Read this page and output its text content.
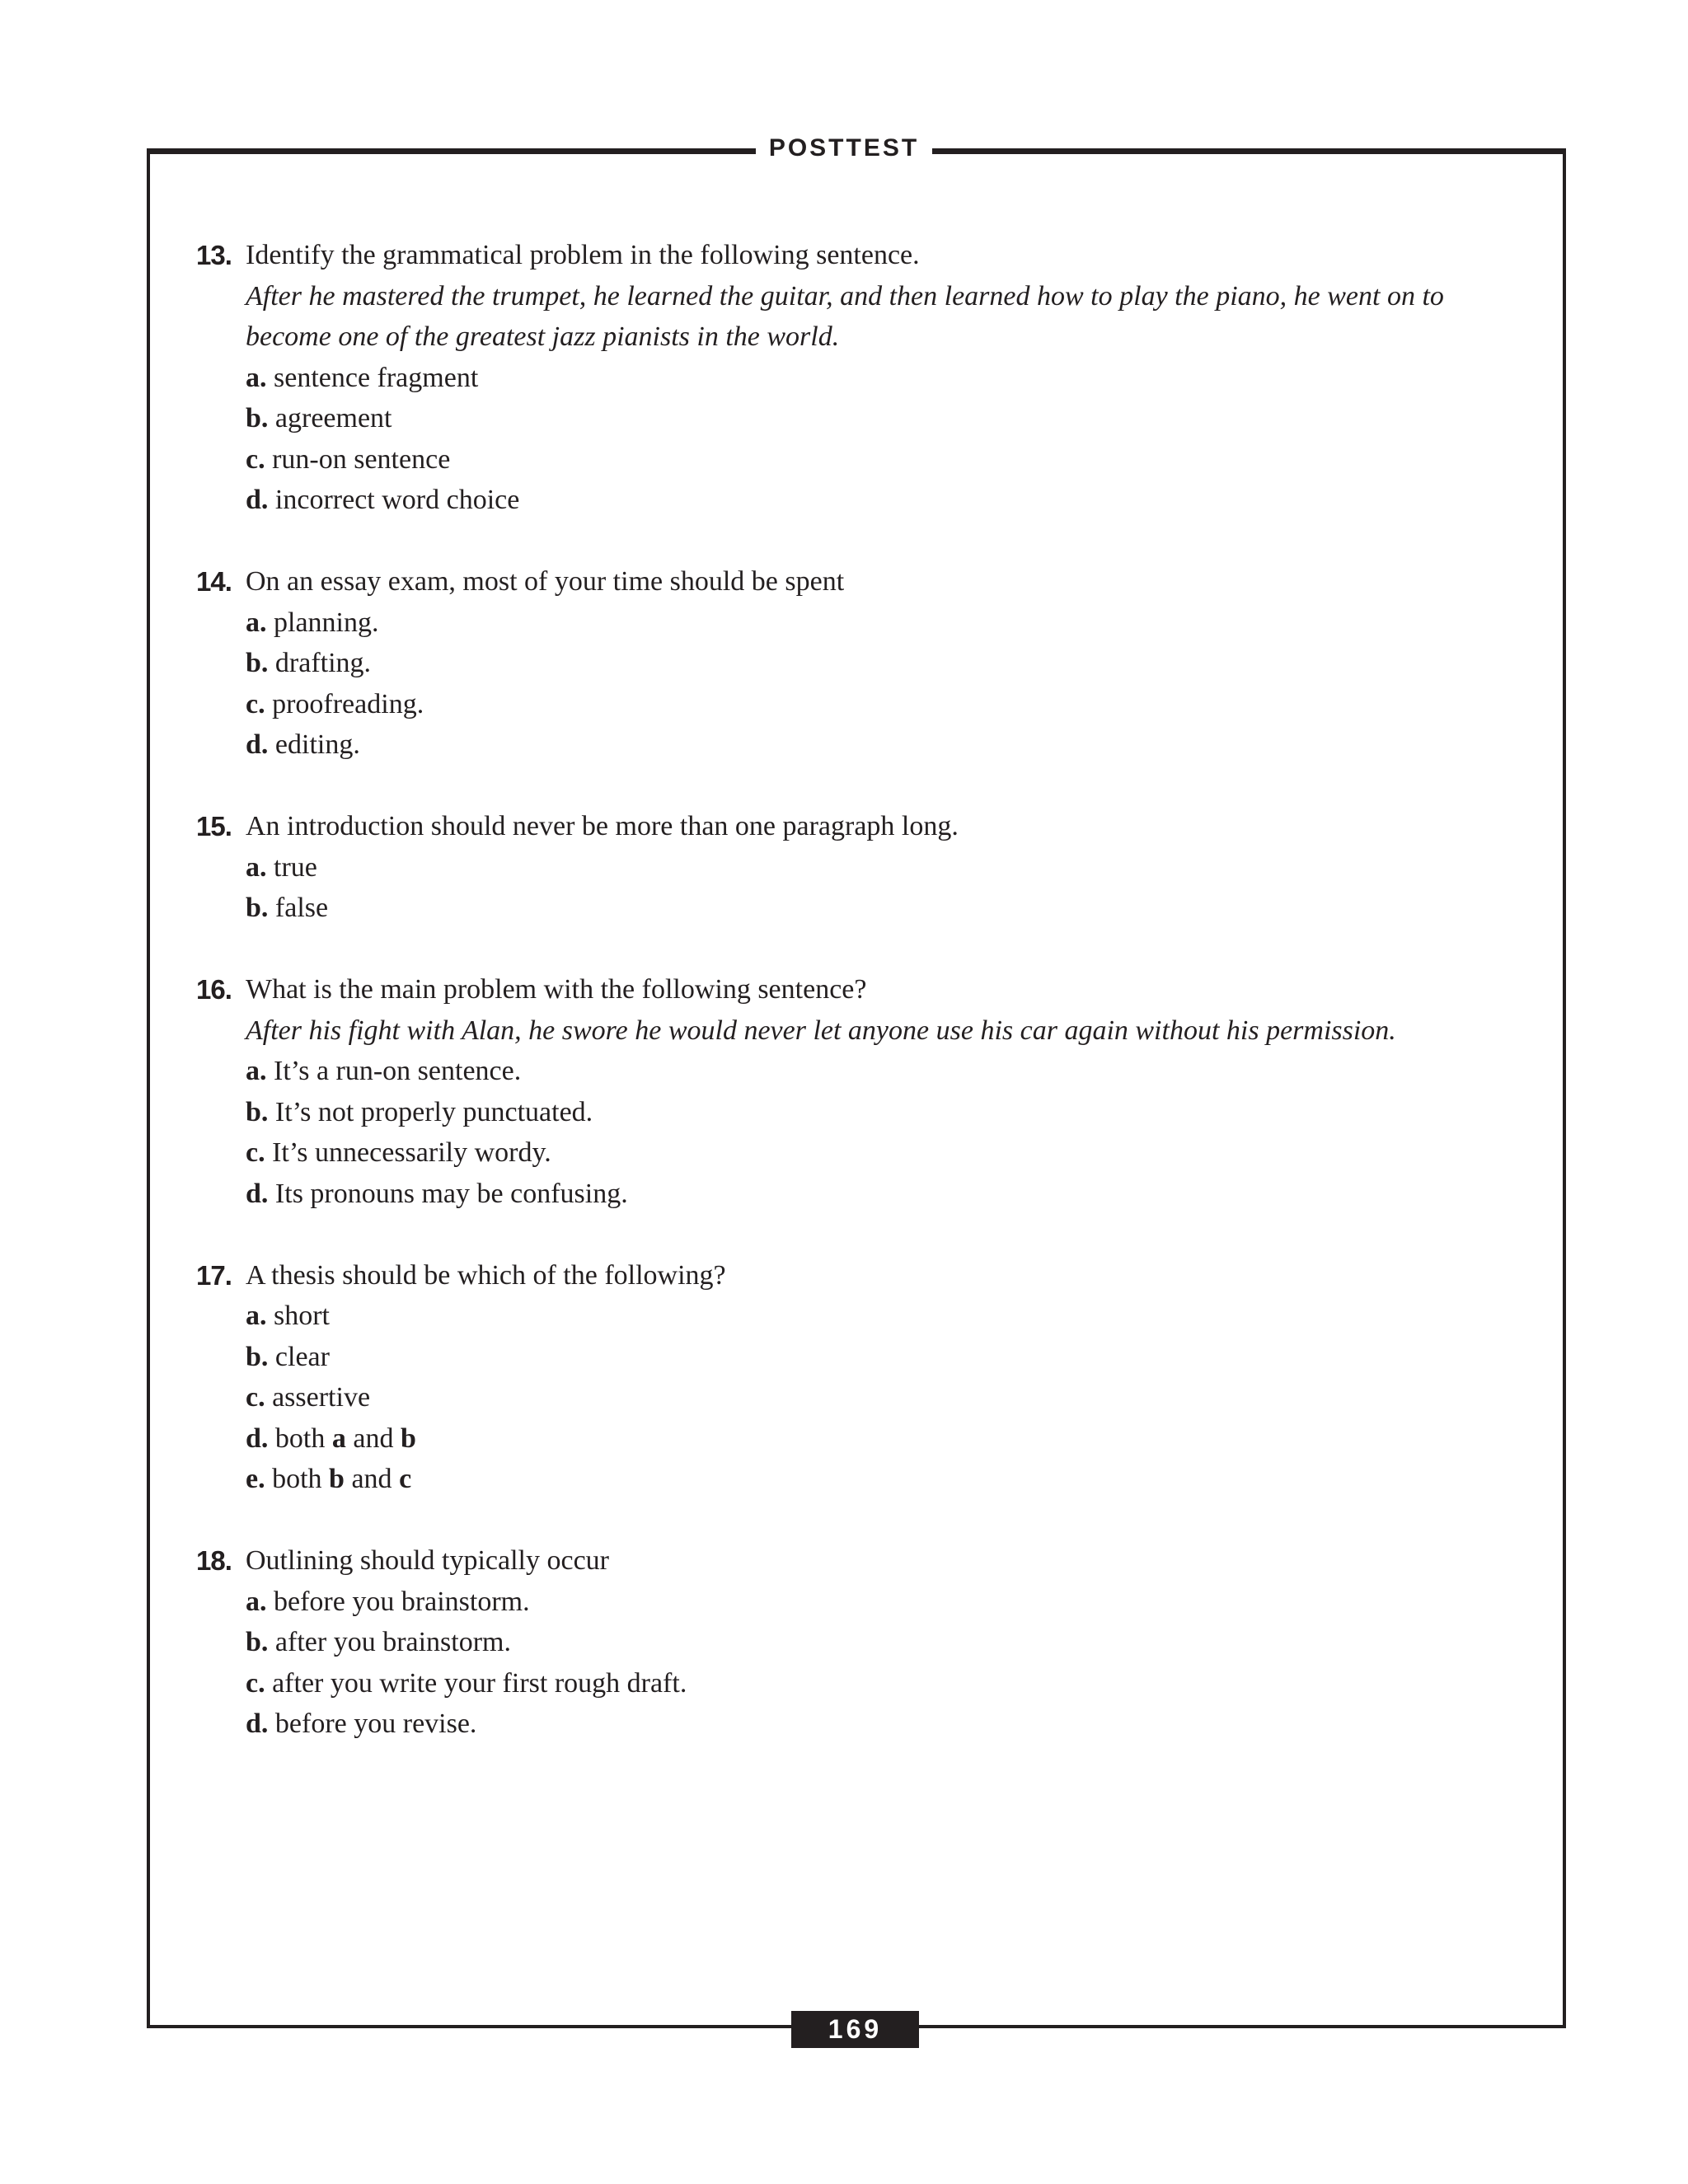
POSTTEST
13. Identify the grammatical problem in the following sentence.
After he mastered the trumpet, he learned the guitar, and then learned how to play the piano, he went on to become one of the greatest jazz pianists in the world.
a. sentence fragment
b. agreement
c. run-on sentence
d. incorrect word choice
14. On an essay exam, most of your time should be spent
a. planning.
b. drafting.
c. proofreading.
d. editing.
15. An introduction should never be more than one paragraph long.
a. true
b. false
16. What is the main problem with the following sentence?
After his fight with Alan, he swore he would never let anyone use his car again without his permission.
a. It’s a run-on sentence.
b. It’s not properly punctuated.
c. It’s unnecessarily wordy.
d. Its pronouns may be confusing.
17. A thesis should be which of the following?
a. short
b. clear
c. assertive
d. both a and b
e. both b and c
18. Outlining should typically occur
a. before you brainstorm.
b. after you brainstorm.
c. after you write your first rough draft.
d. before you revise.
169
